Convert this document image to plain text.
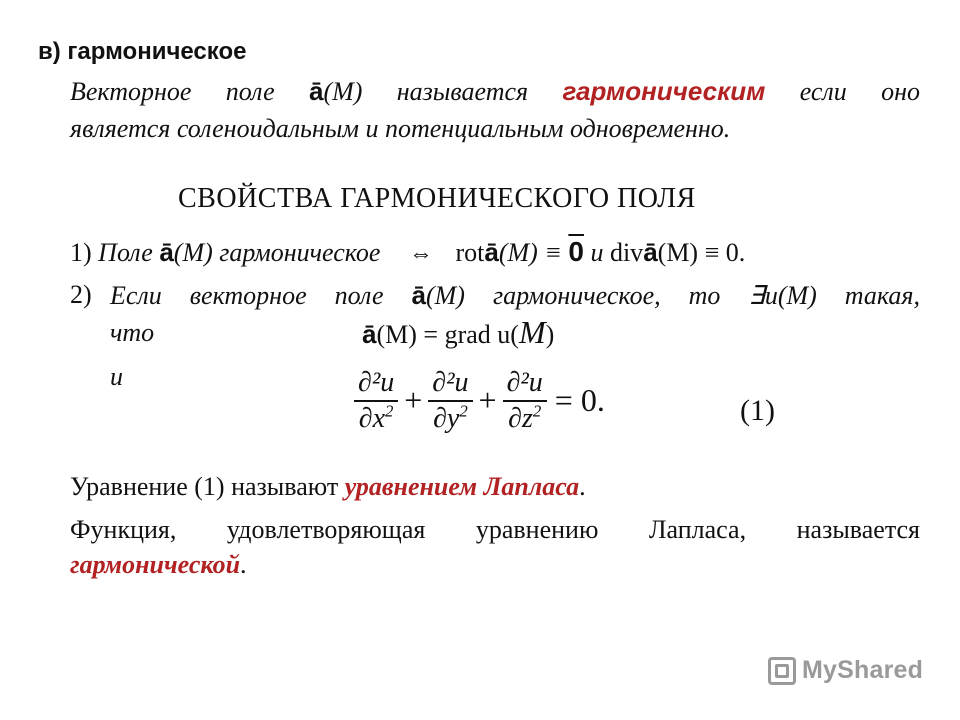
в) гармоническое
Векторное поле ā(M) называется гармоническим если оно
является соленоидальным и потенциальным одновременно.
СВОЙСТВА ГАРМОНИЧЕСКОГО ПОЛЯ
1) Поле ā(M) гармоническое ⇔ rotā(M) ≡ 0 и divā(M) ≡ 0.
2) Если векторное поле ā(M) гармоническое, то ∃u(M) такая,
что	ā(M) = grad u(M)
и	$\frac{\text{∂²u}}{\partial x^2} + \frac{\text{∂²u}}{\partial y^2} + \frac{\text{∂²u}}{\partial z^2} = 0$.	(1)
Уравнение (1) называют уравнением Лапласа.
Функция, удовлетворяющая уравнению Лапласа, называется
гармонической.
MyShared
